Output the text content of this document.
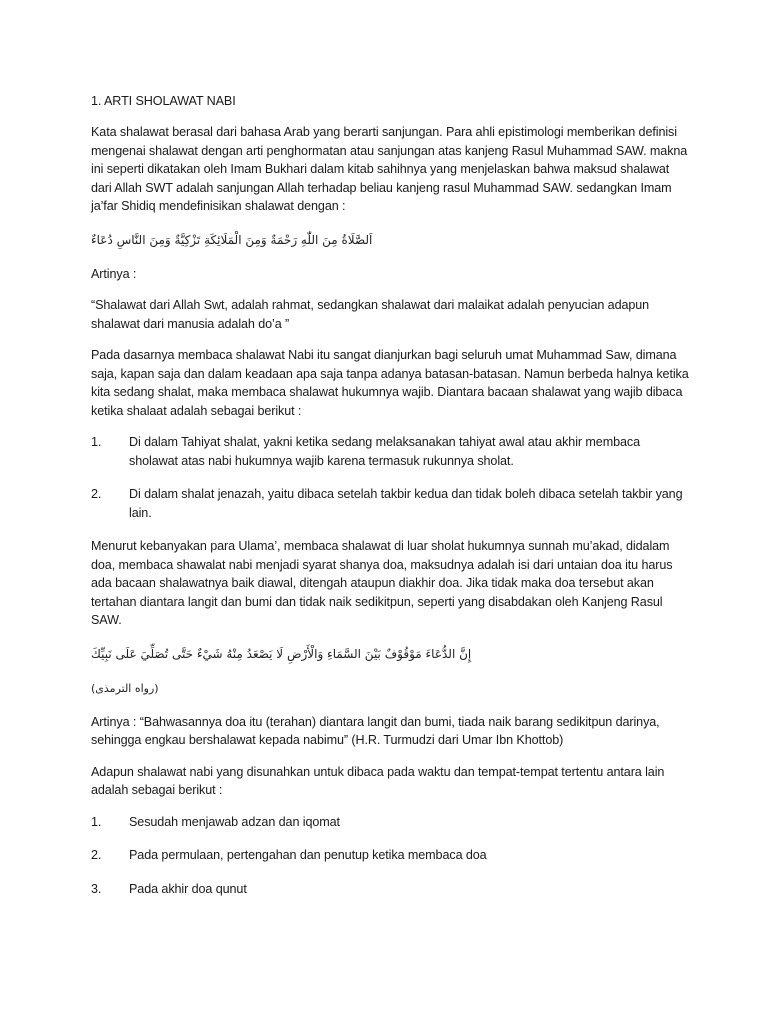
1. ARTI SHOLAWAT NABI

Kata shalawat berasal dari bahasa Arab yang berarti sanjungan. Para ahli epistimologi memberikan definisi mengenai shalawat dengan arti penghormatan atau sanjungan atas kanjeng Rasul Muhammad SAW. makna ini seperti dikatakan oleh Imam Bukhari dalam kitab sahihnya yang menjelaskan bahwa maksud shalawat dari Allah SWT adalah sanjungan Allah terhadap beliau kanjeng rasul Muhammad SAW. sedangkan Imam ja’far Shidiq mendefinisikan shalawat dengan :

اَلصَّلَاةُ مِنَ اللّٰهِ رَحْمَةٌ وَمِنَ الْمَلَائِكَةِ تَزْكِيَّةٌ وَمِنَ النَّاسِ دُعَاءٌ

Artinya :

“Shalawat dari Allah Swt, adalah rahmat, sedangkan shalawat dari malaikat adalah penyucian adapun shalawat dari manusia adalah do’a ”

Pada dasarnya membaca shalawat Nabi itu sangat dianjurkan bagi seluruh umat Muhammad Saw, dimana saja, kapan saja dan dalam keadaan apa saja tanpa adanya batasan-batasan. Namun berbeda halnya ketika kita sedang shalat, maka membaca shalawat hukumnya wajib. Diantara bacaan shalawat yang wajib dibaca ketika shalaat adalah sebagai berikut :

1.	Di dalam Tahiyat shalat, yakni ketika sedang melaksanakan tahiyat awal atau akhir membaca sholawat atas nabi hukumnya wajib karena termasuk rukunnya sholat.
2.	Di dalam shalat jenazah, yaitu dibaca setelah takbir kedua dan tidak boleh dibaca setelah takbir yang lain.

Menurut kebanyakan para Ulama’, membaca shalawat di luar sholat hukumnya sunnah mu’akad, didalam doa, membaca shawalat nabi menjadi syarat shanya doa, maksudnya adalah isi dari untaian doa itu harus ada bacaan shalawatnya baik diawal, ditengah ataupun diakhir doa. Jika tidak maka doa tersebut akan tertahan diantara langit dan bumi dan tidak naik sedikitpun, seperti yang disabdakan oleh Kanjeng Rasul SAW.

إِنَّ الدُّعَاءَ مَوْقُوْفٌ بَيْنَ السَّمَاءِ وَالْأَرْضِ لَا يَصْعَدُ مِنْهُ شَيْءٌ حَتَّى تُصَلِّيَ عَلَى نَبِيِّكَ
(رواه الترمذى)

Artinya : “Bahwasannya doa itu (terahan) diantara langit dan bumi, tiada naik barang sedikitpun darinya, sehingga engkau bershalawat kepada nabimu” (H.R. Turmudzi dari Umar Ibn Khottob)

Adapun shalawat nabi yang disunahkan untuk dibaca pada waktu dan tempat-tempat tertentu antara lain adalah sebagai berikut :

1.	Sesudah menjawab adzan dan iqomat
2.	Pada permulaan, pertengahan dan penutup ketika membaca doa
3.	Pada akhir doa qunut
